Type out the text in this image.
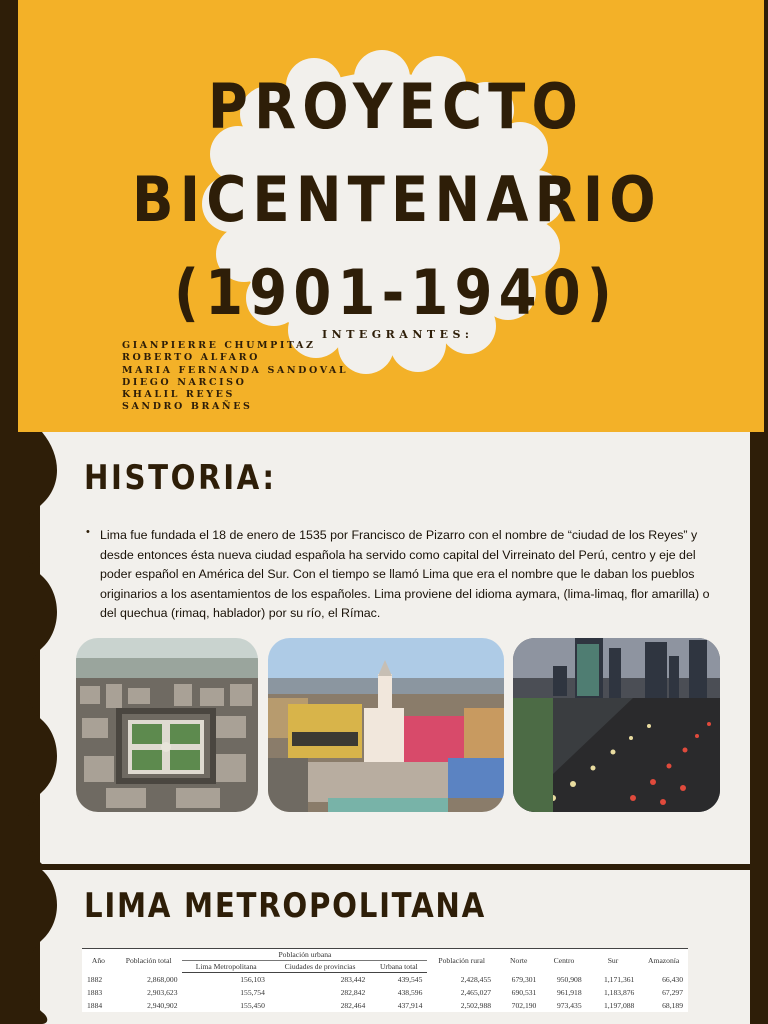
PROYECTO
BICENTENARIO
(1901-1940)
INTEGRANTES:
GIANPIERRE CHUMPITAZ
ROBERTO ALFARO
MARIA FERNANDA SANDOVAL
DIEGO NARCISO
KHALIL REYES
SANDRO BRAÑES
HISTORIA:
• Lima fue fundada el 18 de enero de 1535 por Francisco de Pizarro con el nombre de “ciudad de los Reyes” y desde entonces ésta nueva ciudad española ha servido como capital del Virreinato del Perú, centro y eje del poder español en América del Sur. Con el tiempo se llamó Lima que era el nombre que le daban los pueblos originarios a los asentamientos de los españoles. Lima proviene del idioma aymara, (lima-limaq, flor amarilla) o del quechua (rimaq, hablador) por su río, el Rímac.

LIMA METROPOLITANA
Año	Población total	Población urbana			Población rural	Norte	Centro	Sur	Amazonía
		Lima Metropolitana	Ciudades de provincias	Urbana total					
1882	2,868,000	156,103	283,442	439,545	2,428,455	679,301	950,908	1,171,361	66,430
1883	2,903,623	155,754	282,842	438,596	2,465,027	690,531	961,918	1,183,876	67,297
1884	2,940,902	155,450	282,464	437,914	2,502,988	702,190	973,435	1,197,088	68,189
